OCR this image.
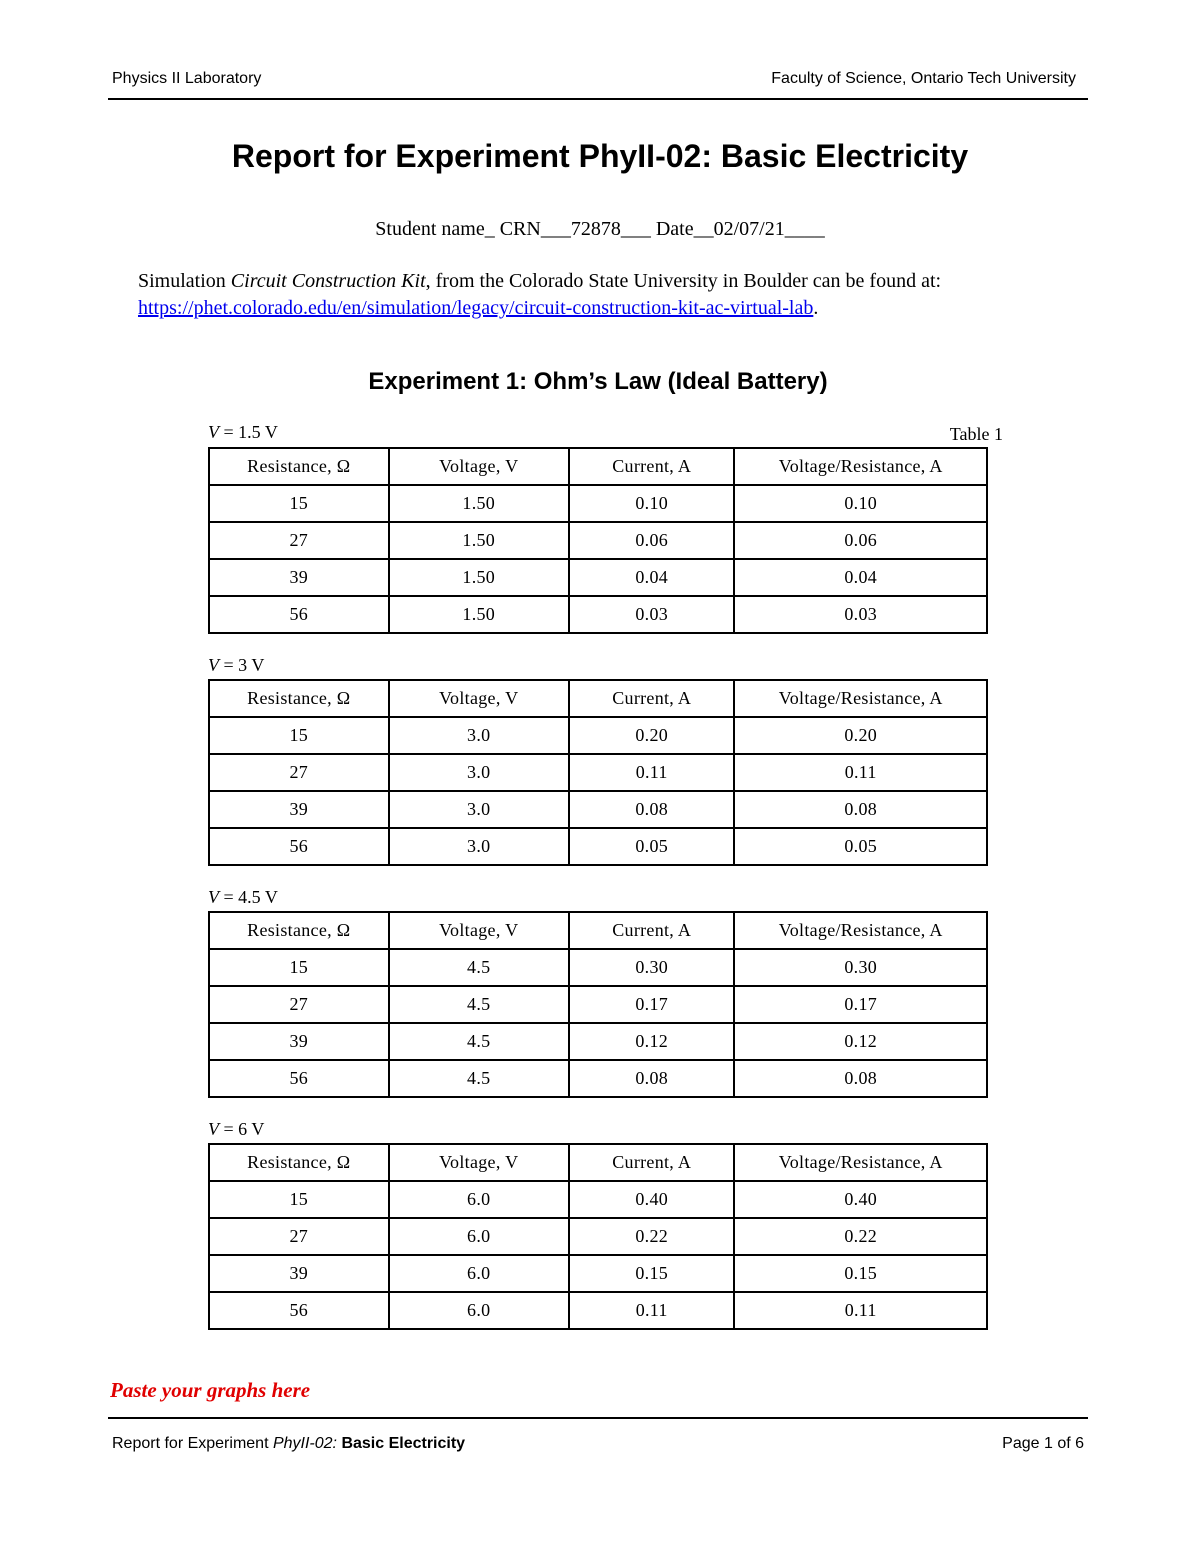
Physics II Laboratory	Faculty of Science, Ontario Tech University
Report for Experiment PhyII-02: Basic Electricity
Student name_ CRN___72878___ Date__02/07/21____
Simulation Circuit Construction Kit, from the Colorado State University in Boulder can be found at:
https://phet.colorado.edu/en/simulation/legacy/circuit-construction-kit-ac-virtual-lab.
Experiment 1: Ohm’s Law (Ideal Battery)
Table 1
V = 1.5 V
Resistance, Ω	Voltage, V	Current, A	Voltage/Resistance, A
15	1.50	0.10	0.10
27	1.50	0.06	0.06
39	1.50	0.04	0.04
56	1.50	0.03	0.03
V = 3 V
Resistance, Ω	Voltage, V	Current, A	Voltage/Resistance, A
15	3.0	0.20	0.20
27	3.0	0.11	0.11
39	3.0	0.08	0.08
56	3.0	0.05	0.05
V = 4.5 V
Resistance, Ω	Voltage, V	Current, A	Voltage/Resistance, A
15	4.5	0.30	0.30
27	4.5	0.17	0.17
39	4.5	0.12	0.12
56	4.5	0.08	0.08
V = 6 V
Resistance, Ω	Voltage, V	Current, A	Voltage/Resistance, A
15	6.0	0.40	0.40
27	6.0	0.22	0.22
39	6.0	0.15	0.15
56	6.0	0.11	0.11
Paste your graphs here
Report for Experiment PhyII-02: Basic Electricity	Page 1 of 6
